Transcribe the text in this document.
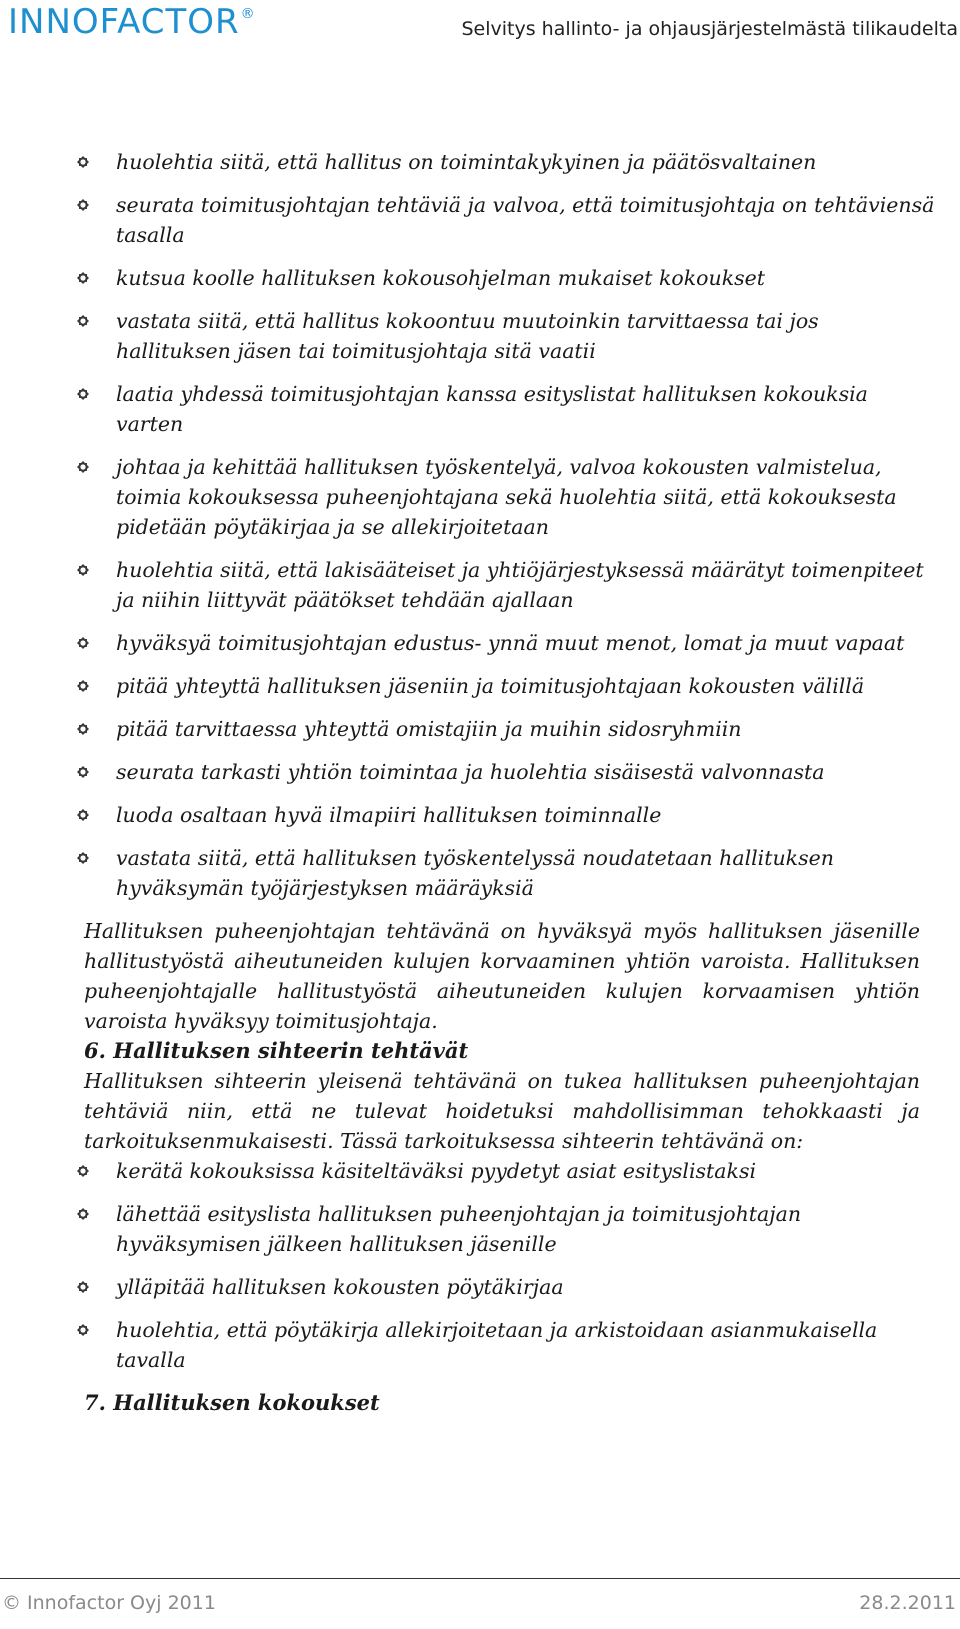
INNOFACTOR®
Selvitys hallinto- ja ohjausjärjestelmästä tilikaudelta
huolehtia siitä, että hallitus on toimintakykyinen ja päätösvaltainen
seurata toimitusjohtajan tehtäviä ja valvoa, että toimitusjohtaja on tehtäviensä tasalla
kutsua koolle hallituksen kokousohjelman mukaiset kokoukset
vastata siitä, että hallitus kokoontuu muutoinkin tarvittaessa tai jos hallituksen jäsen tai toimitusjohtaja sitä vaatii
laatia yhdessä toimitusjohtajan kanssa esityslistat hallituksen kokouksia varten
johtaa ja kehittää hallituksen työskentelyä, valvoa kokousten valmistelua, toimia kokouksessa puheenjohtajana sekä huolehtia siitä, että kokouksesta pidetään pöytäkirjaa ja se allekirjoitetaan
huolehtia siitä, että lakisääteiset ja yhtiöjärjestyksessä määrätyt toimenpiteet ja niihin liittyvät päätökset tehdään ajallaan
hyväksyä toimitusjohtajan edustus- ynnä muut menot, lomat ja muut vapaat
pitää yhteyttä hallituksen jäseniin ja toimitusjohtajaan kokousten välillä
pitää tarvittaessa yhteyttä omistajiin ja muihin sidosryhmiin
seurata tarkasti yhtiön toimintaa ja huolehtia sisäisestä valvonnasta
luoda osaltaan hyvä ilmapiiri hallituksen toiminnalle
vastata siitä, että hallituksen työskentelyssä noudatetaan hallituksen hyväksymän työjärjestyksen määräyksiä

Hallituksen puheenjohtajan tehtävänä on hyväksyä myös hallituksen jäsenille hallitustyöstä aiheutuneiden kulujen korvaaminen yhtiön varoista. Hallituksen puheenjohtajalle hallitustyöstä aiheutuneiden kulujen korvaamisen yhtiön varoista hyväksyy toimitusjohtaja.

6. Hallituksen sihteerin tehtävät

Hallituksen sihteerin yleisenä tehtävänä on tukea hallituksen puheenjohtajan tehtäviä niin, että ne tulevat hoidetuksi mahdollisimman tehokkaasti ja tarkoituksenmukaisesti. Tässä tarkoituksessa sihteerin tehtävänä on:

kerätä kokouksissa käsiteltäväksi pyydetyt asiat esityslistaksi
lähettää esityslista hallituksen puheenjohtajan ja toimitusjohtajan hyväksymisen jälkeen hallituksen jäsenille
ylläpitää hallituksen kokousten pöytäkirjaa
huolehtia, että pöytäkirja allekirjoitetaan ja arkistoidaan asianmukaisella tavalla
7. Hallituksen kokoukset
© Innofactor Oyj 2011	28.2.2011
